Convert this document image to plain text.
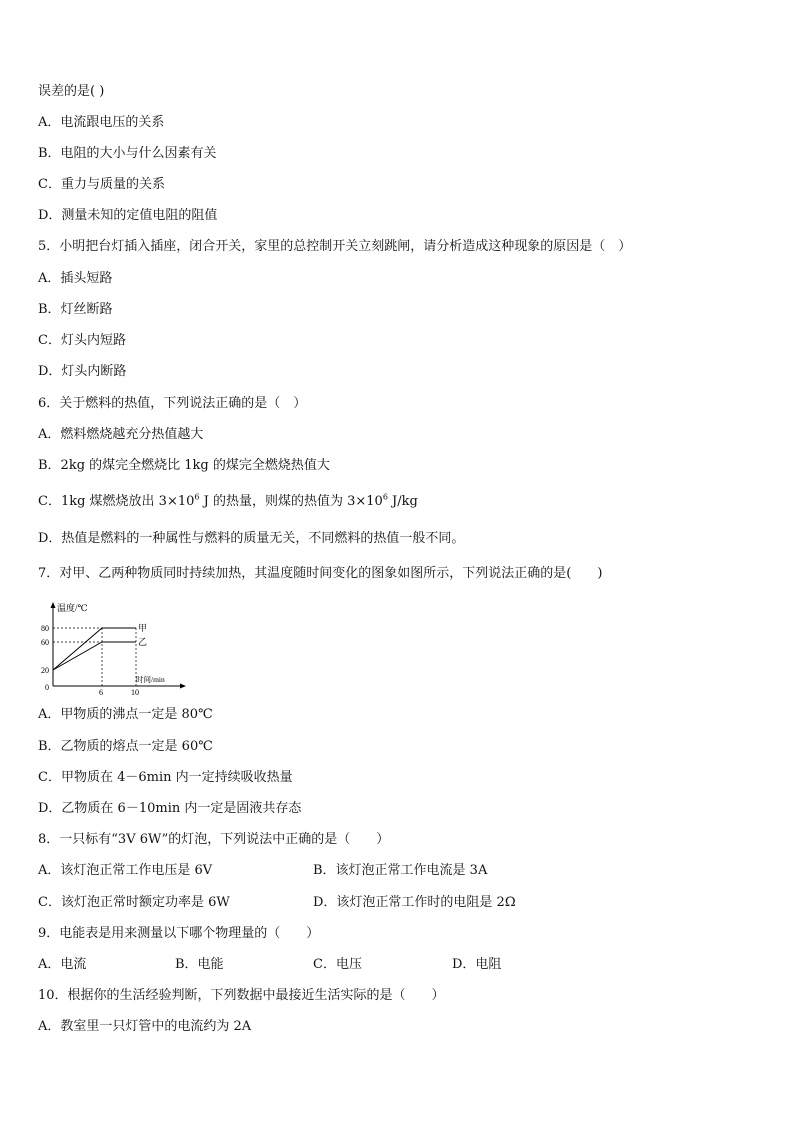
误差的是( )
A．电流跟电压的关系
B．电阻的大小与什么因素有关
C．重力与质量的关系
D．测量未知的定值电阻的阻值
5．小明把台灯插入插座，闭合开关，家里的总控制开关立刻跳闸，请分析造成这种现象的原因是（　）
A．插头短路
B．灯丝断路
C．灯头内短路
D．灯头内断路
6．关于燃料的热值，下列说法正确的是（　）
A．燃料燃烧越充分热值越大
B．2kg 的煤完全燃烧比 1kg 的煤完全燃烧热值大
C．1kg 煤燃烧放出 $3\times 10^6$ J 的热量，则煤的热值为 $3\times 10^6$ J/kg
D．热值是燃料的一种属性与燃料的质量无关，不同燃料的热值一般不同。
7．对甲、乙两种物质同时持续加热，其温度随时间变化的图象如图所示，下列说法正确的是(　　)
温度/℃
时间/min
80
60
20
0
6	10
甲
乙
A．甲物质的沸点一定是 80℃
B．乙物质的熔点一定是 60℃
C．甲物质在 4－6min 内一定持续吸收热量
D．乙物质在 6－10min 内一定是固液共存态
8．一只标有“3V 6W”的灯泡，下列说法中正确的是（　　）
A．该灯泡正常工作电压是 6V	B．该灯泡正常工作电流是 3A
C．该灯泡正常时额定功率是 6W	D．该灯泡正常工作时的电阻是 2Ω
9．电能表是用来测量以下哪个物理量的（　　）
A．电流	B．电能	C．电压	D．电阻
10．根据你的生活经验判断，下列数据中最接近生活实际的是（　　）
A．教室里一只灯管中的电流约为 2A
